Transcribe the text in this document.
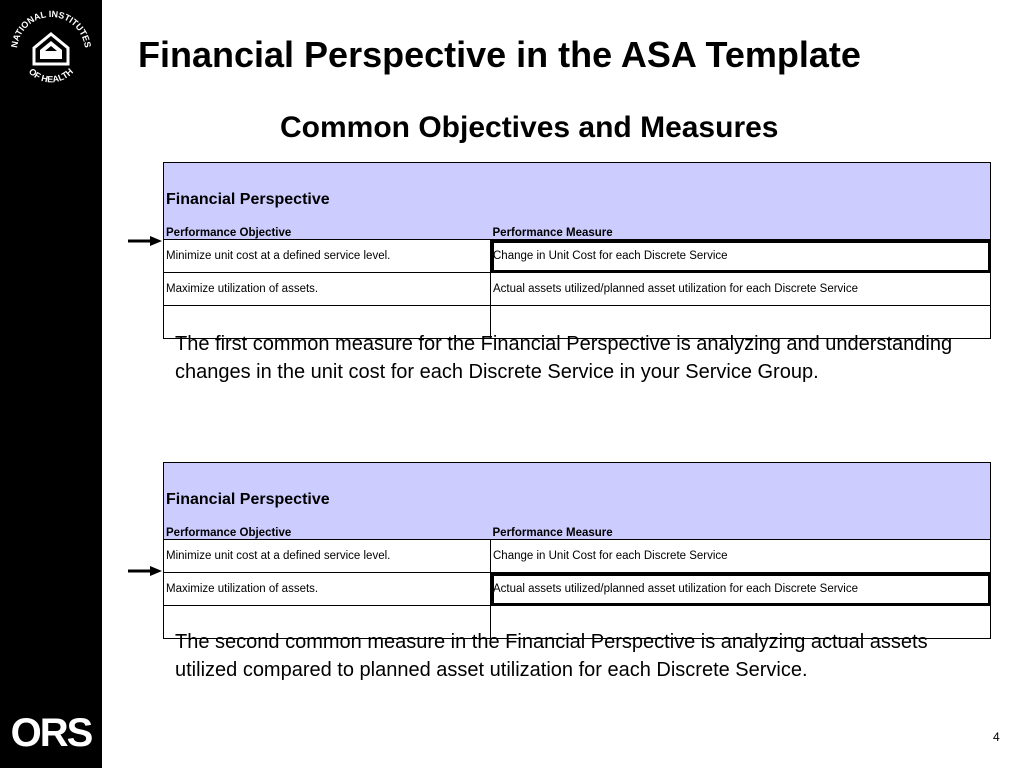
NATIONAL INSTITUTES
OF HEALTH
ORS
Financial Perspective in the ASA Template
Common Objectives and Measures
Financial Perspective	
Performance Objective	Performance Measure
Minimize unit cost at a defined service level.	Change in Unit Cost for each Discrete Service
Maximize utilization of assets.	Actual assets utilized/planned asset utilization for each Discrete Service

The first common measure for the Financial Perspective is analyzing and understanding changes in the unit cost for each Discrete Service in your Service Group.
Financial Perspective	
Performance Objective	Performance Measure
Minimize unit cost at a defined service level.	Change in Unit Cost for each Discrete Service
Maximize utilization of assets.	Actual assets utilized/planned asset utilization for each Discrete Service

The second common measure in the Financial Perspective is analyzing actual assets utilized compared to planned asset utilization for each Discrete Service.
4
